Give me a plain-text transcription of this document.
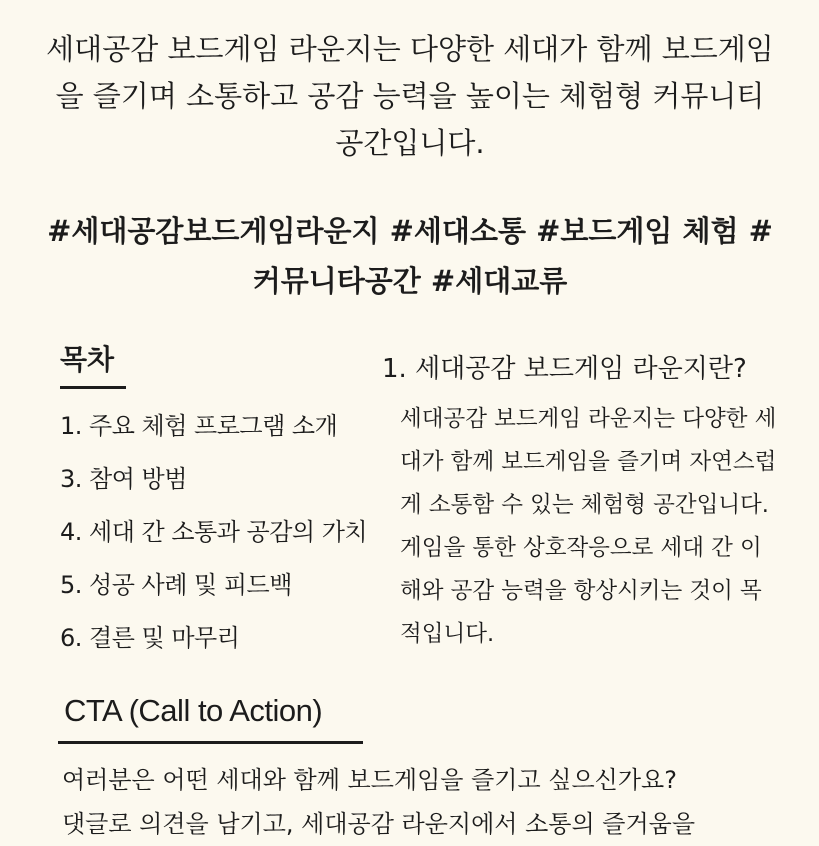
세대공감 보드게임 라운지는 다양한 세대가 함께 보드게임을 즐기며 소통하고 공감 능력을 높이는 체험형 커뮤니티 공간입니다.
#세대공감보드게임라운지 #세대소통 #보드게임 체험 #커뮤니타공간 #세대교류
목차
1. 주요 체험 프로그램 소개
3. 참여 방범
4. 세대 간 소통과 공감의 가치
5. 성공 사례 및 피드백
6. 결른 및 마무리
1. 세대공감 보드게임 라운지란?
세대공감 보드게임 라운지는 다양한 세대가 함께 보드게임을 즐기며 자연스럽게 소통함 수 있는 체험형 공간입니다. 게임을 통한 상호작응으로 세대 간 이해와 공감 능력을 항상시키는 것이 목적입니다.
CTA (Call to Action)
여러분은 어떤 세대와 함께 보드게임을 즐기고 싶으신가요?
댓글로 의견을 남기고, 세대공감 라운지에서 소통의 즐거움을
